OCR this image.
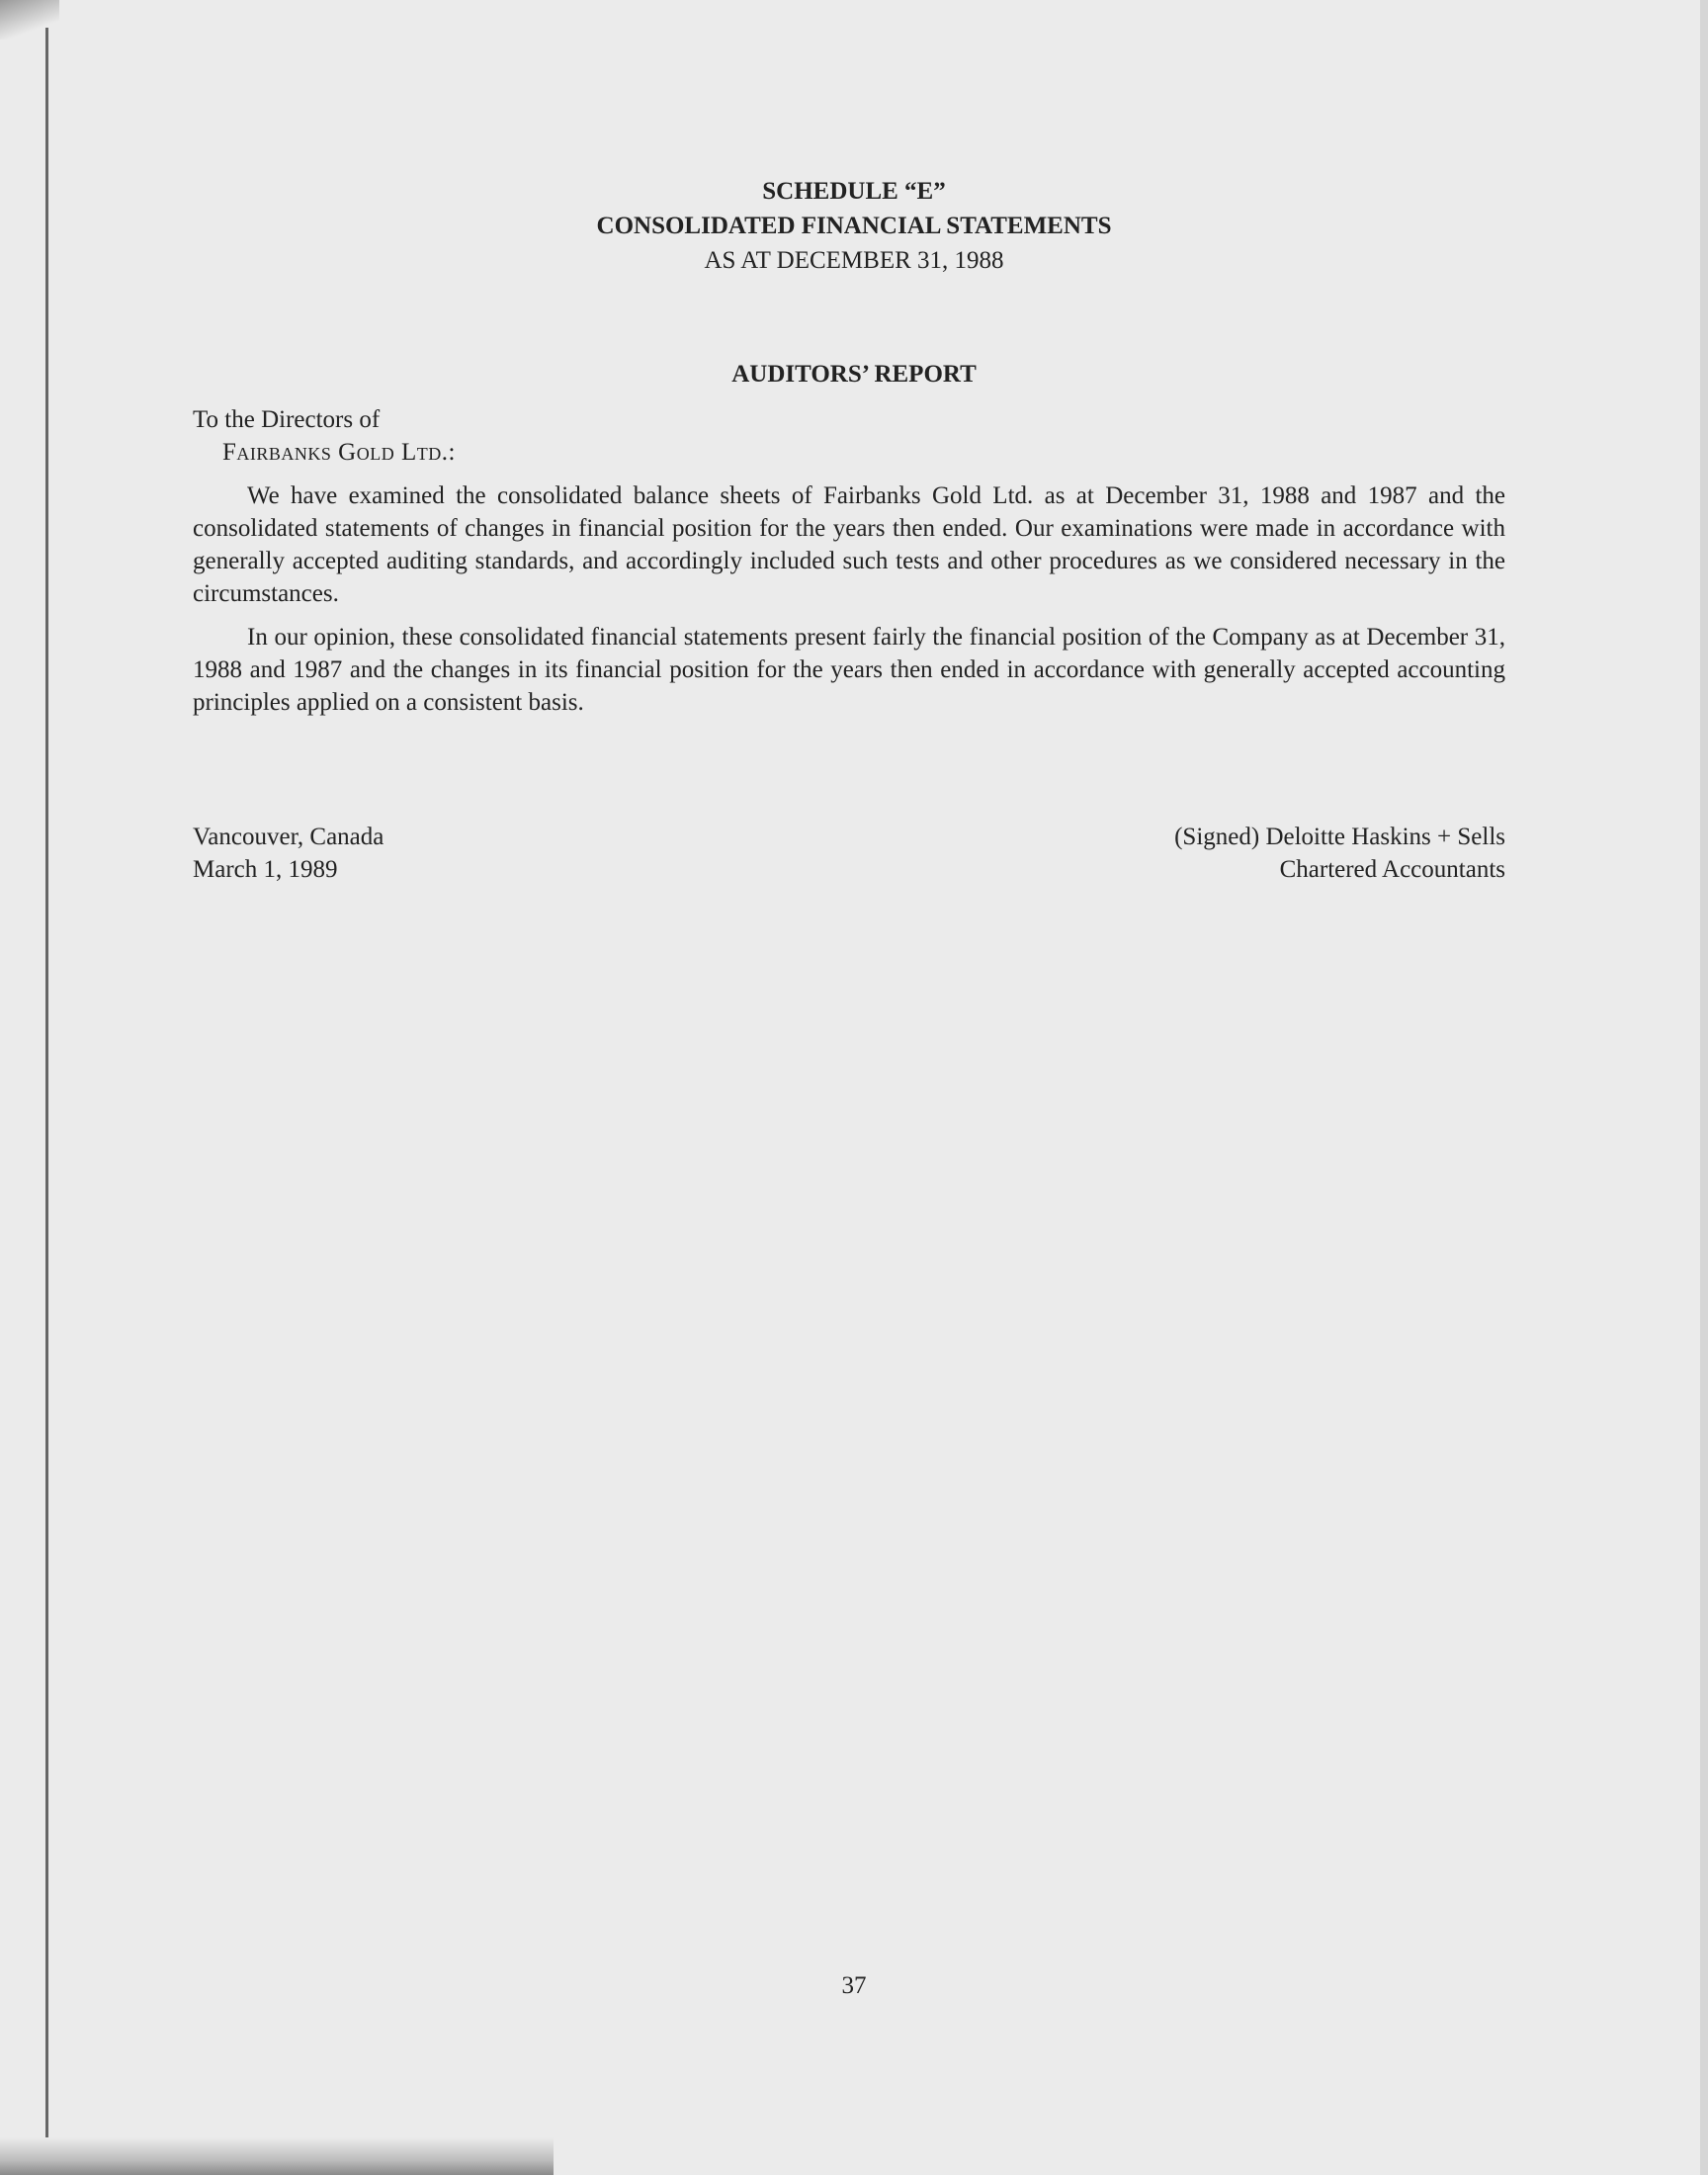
SCHEDULE “E”
CONSOLIDATED FINANCIAL STATEMENTS
AS AT DECEMBER 31, 1988
AUDITORS’ REPORT
To the Directors of
Fairbanks Gold Ltd.:

We have examined the consolidated balance sheets of Fairbanks Gold Ltd. as at December 31, 1988 and 1987 and the consolidated statements of changes in financial position for the years then ended. Our examinations were made in accordance with generally accepted auditing standards, and accordingly included such tests and other procedures as we considered necessary in the circumstances.

In our opinion, these consolidated financial statements present fairly the financial position of the Company as at December 31, 1988 and 1987 and the changes in its financial position for the years then ended in accordance with generally accepted accounting principles applied on a consistent basis.

Vancouver, Canada
March 1, 1989
(Signed) Deloitte Haskins + Sells
Chartered Accountants
37
